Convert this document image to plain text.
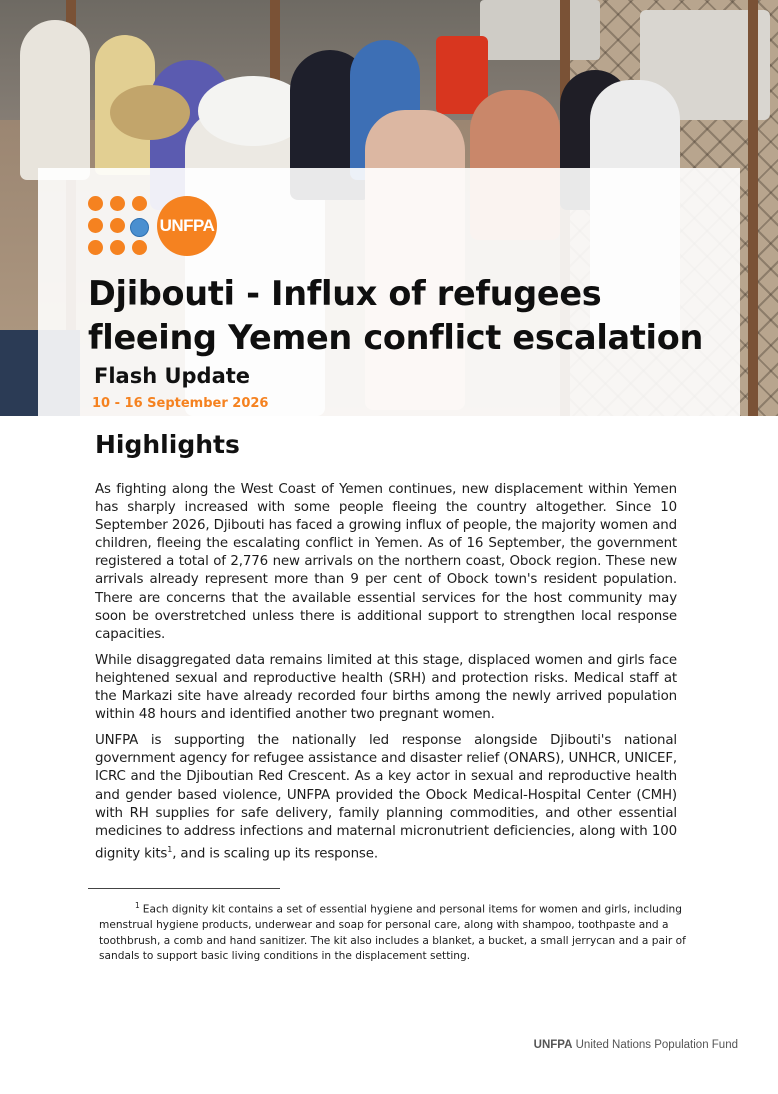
UNFPA
Djibouti - Influx of refugees
fleeing Yemen conflict escalation
Flash Update

10 - 16 September 2026

Highlights

As fighting along the West Coast of Yemen continues, new displacement within Yemen has sharply increased with some people fleeing the country altogether. Since 10 September 2026, Djibouti has faced a growing influx of people, the majority women and children, fleeing the escalating conflict in Yemen. As of 16 September, the government registered a total of 2,776 new arrivals on the northern coast, Obock region. These new arrivals already represent more than 9 per cent of Obock town's resident population. There are concerns that the available essential services for the host community may soon be overstretched unless there is additional support to strengthen local response capacities.

While disaggregated data remains limited at this stage, displaced women and girls face heightened sexual and reproductive health (SRH) and protection risks. Medical staff at the Markazi site have already recorded four births among the newly arrived population within 48 hours and identified another two pregnant women.

UNFPA is supporting the nationally led response alongside Djibouti's national government agency for refugee assistance and disaster relief (ONARS), UNHCR, UNICEF, ICRC and the Djiboutian Red Crescent. As a key actor in sexual and reproductive health and gender based violence, UNFPA provided the Obock Medical-Hospital Center (CMH) with RH supplies for safe delivery, family planning commodities, and other essential medicines to address infections and maternal micronutrient deficiencies, along with 100 dignity kits$^1$, and is scaling up its response.

$^1$ Each dignity kit contains a set of essential hygiene and personal items for women and girls, including menstrual hygiene products, underwear and soap for personal care, along with shampoo, toothpaste and a toothbrush, a comb and hand sanitizer. The kit also includes a blanket, a bucket, a small jerrycan and a pair of sandals to support basic living conditions in the displacement setting.

UNFPA United Nations Population Fund
